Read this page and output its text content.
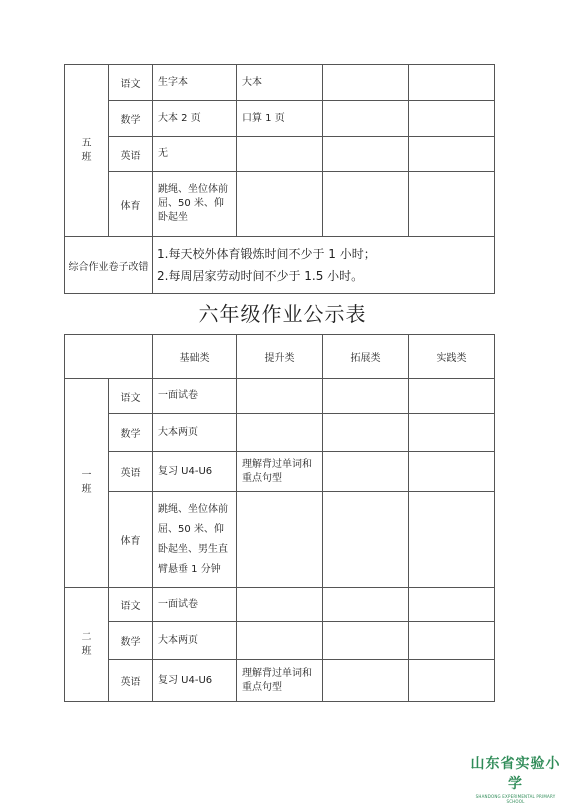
五
班	语文	生字本	大本		
	数学	大本 2 页	口算 1 页		
	英语	无			
	体育	跳绳、坐位体前
屈、50 米、仰
卧起坐			

综合作业卷子改错		1.每天校外体育锻炼时间不少于 1 小时；
2.每周居家劳动时间不少于 1.5 小时。			
六年级作业公示表
		基础类	提升类	拓展类	实践类

一
班	语文	一面试卷			
	数学	大本两页			
	英语	复习 U4-U6	理解背过单词和
重点句型		

	体育	跳绳、坐位体前
屈、50 米、仰
卧起坐、男生直
臂悬垂 1 分钟			

二
班	语文	一面试卷			
	数学	大本两页			
	英语	复习 U4-U6	理解背过单词和
重点句型		

山东省实验小学
SHANDONG EXPERIMENTAL PRIMARY SCHOOL
